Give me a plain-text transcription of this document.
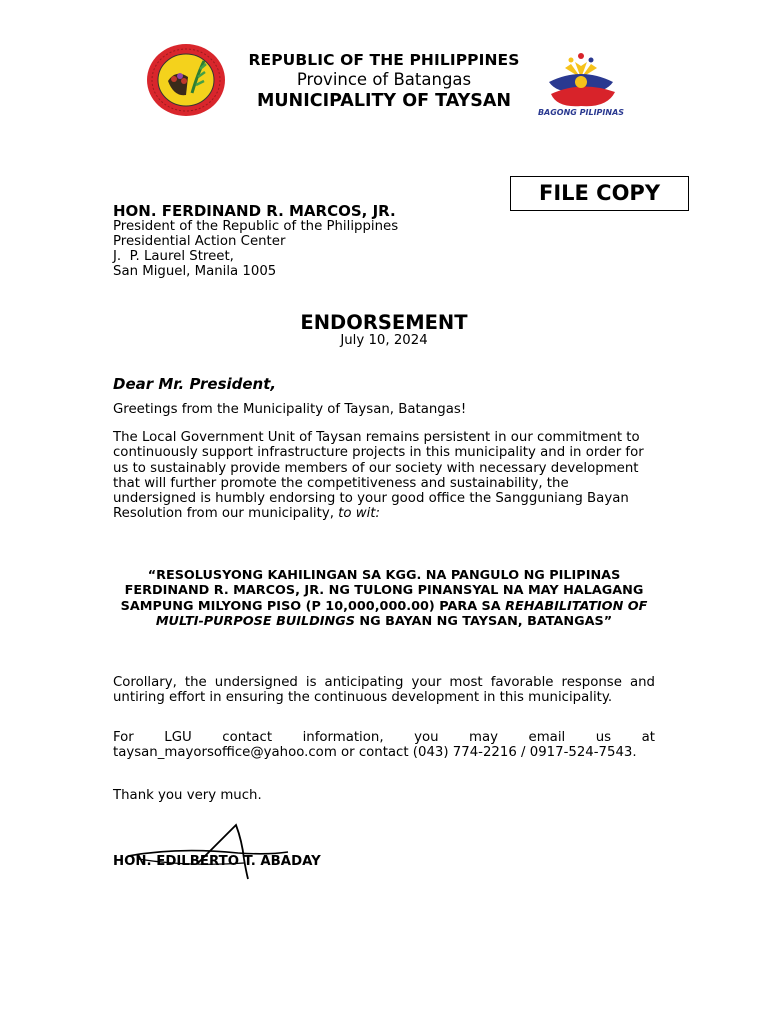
REPUBLIC OF THE PHILIPPINES
Province of Batangas
MUNICIPALITY OF TAYSAN
BAGONG PILIPINAS
FILE COPY
HON. FERDINAND R. MARCOS, JR.
President of the Republic of the Philippines
Presidential Action Center
J.  P. Laurel Street,
San Miguel, Manila 1005
ENDORSEMENT
July 10, 2024
Dear Mr. President,
Greetings from the Municipality of Taysan, Batangas!
The Local Government Unit of Taysan remains persistent in our commitment to continuously support infrastructure projects in this municipality and in order for us to sustainably provide members of our society with necessary development that will further promote the competitiveness and sustainability, the undersigned is humbly endorsing to your good office the Sangguniang Bayan Resolution from our municipality, to wit:
“RESOLUSYONG KAHILINGAN SA KGG. NA PANGULO NG PILIPINAS FERDINAND R. MARCOS, JR. NG TULONG PINANSYAL NA MAY HALAGANG SAMPUNG MILYONG PISO (P 10,000,000.00) PARA SA REHABILITATION OF MULTI-PURPOSE BUILDINGS NG BAYAN NG TAYSAN, BATANGAS”
Corollary, the undersigned is anticipating your most favorable response and untiring effort in ensuring the continuous development in this municipality.
For LGU contact information, you may email us at taysan_mayorsoffice@yahoo.com or contact (043) 774-2216 / 0917-524-7543.
Thank you very much.
HON. EDILBERTO T. ABADAY
